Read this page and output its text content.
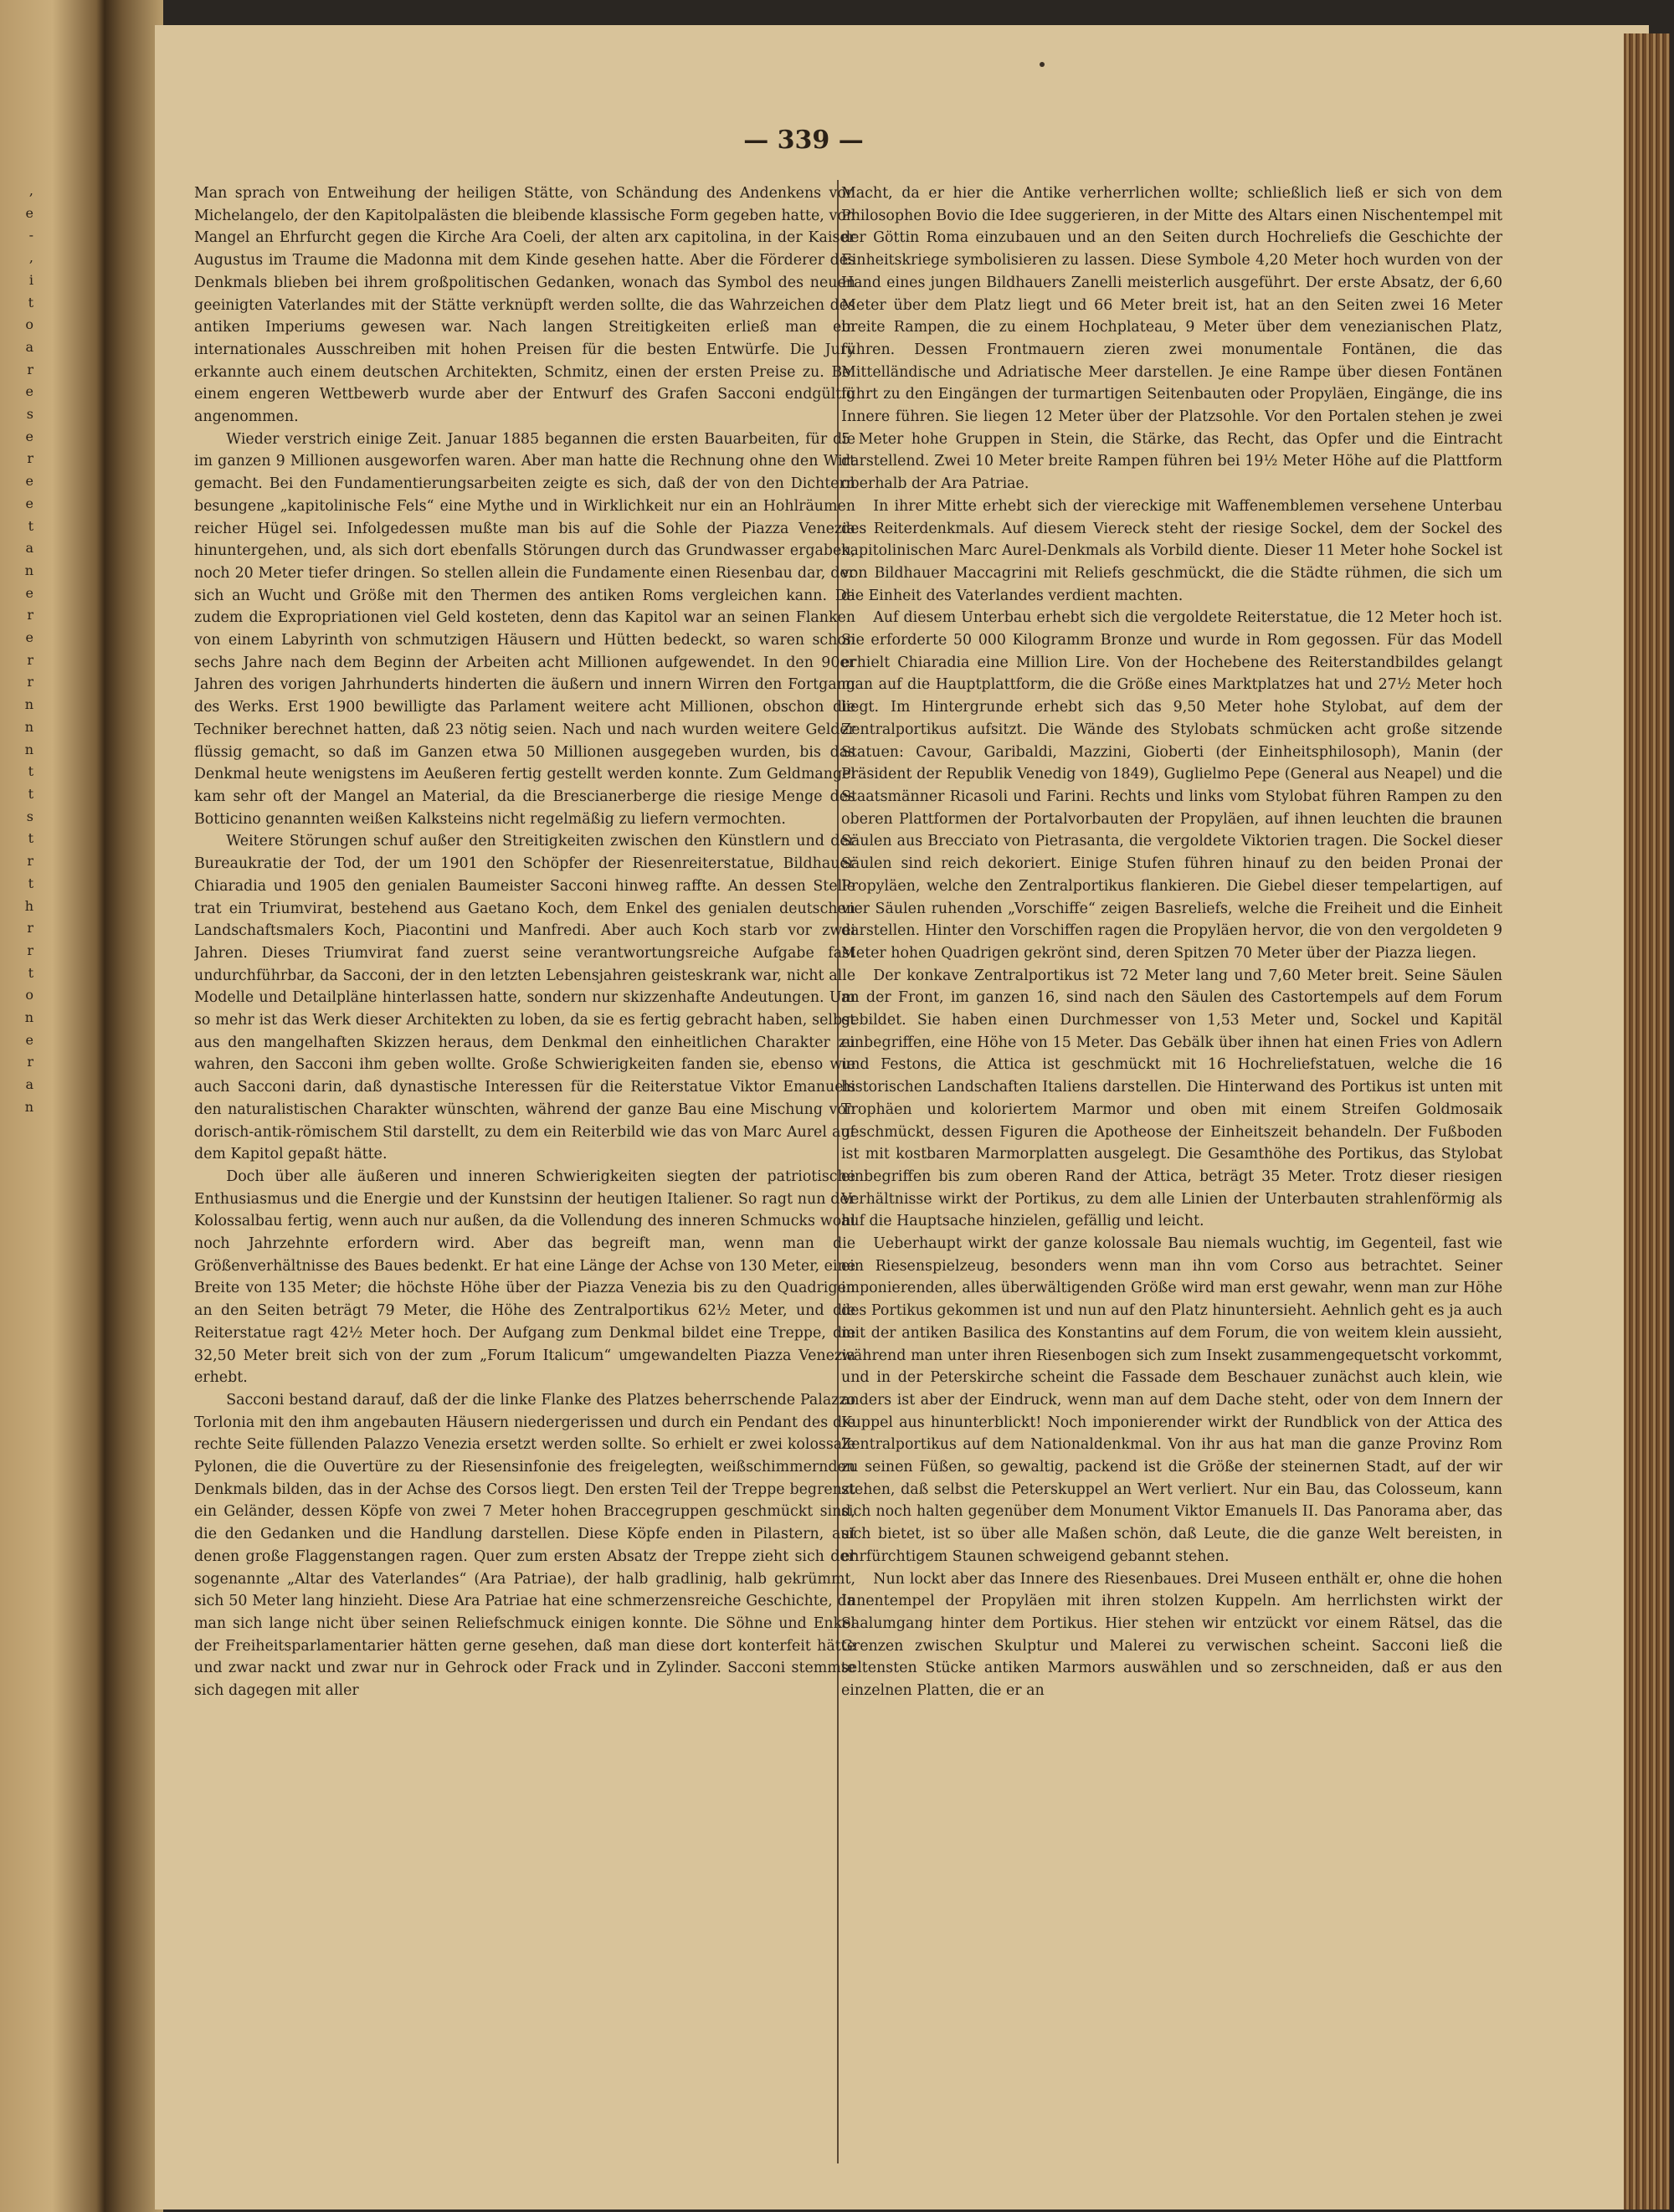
— 339 —

Man sprach von Entweihung der heiligen Stätte, von Schändung des Andenkens von Michelangelo, der den Kapitolpalästen die bleibende klassische Form gegeben hatte, von Mangel an Ehrfurcht gegen die Kirche Ara Coeli, der alten arx capitolina, in der Kaiser Augustus im Traume die Madonna mit dem Kinde gesehen hatte. Aber die Förderer des Denkmals blieben bei ihrem großpolitischen Gedanken, wonach das Symbol des neuen geeinigten Vaterlandes mit der Stätte verknüpft werden sollte, die das Wahrzeichen des antiken Imperiums gewesen war. Nach langen Streitigkeiten erließ man ein internationales Ausschreiben mit hohen Preisen für die besten Entwürfe. Die Jury erkannte auch einem deutschen Architekten, Schmitz, einen der ersten Preise zu. Bei einem engeren Wettbewerb wurde aber der Entwurf des Grafen Sacconi endgültig angenommen.

Wieder verstrich einige Zeit. Januar 1885 begannen die ersten Bauarbeiten, für die im ganzen 9 Millionen ausgeworfen waren. Aber man hatte die Rechnung ohne den Wirt gemacht. Bei den Fundamentierungsarbeiten zeigte es sich, daß der von den Dichtern besungene „kapitolinische Fels“ eine Mythe und in Wirklichkeit nur ein an Hohlräumen reicher Hügel sei. Infolgedessen mußte man bis auf die Sohle der Piazza Venezia hinuntergehen, und, als sich dort ebenfalls Störungen durch das Grundwasser ergaben, noch 20 Meter tiefer dringen. So stellen allein die Fundamente einen Riesenbau dar, der sich an Wucht und Größe mit den Thermen des antiken Roms vergleichen kann. Da zudem die Expropriationen viel Geld kosteten, denn das Kapitol war an seinen Flanken von einem Labyrinth von schmutzigen Häusern und Hütten bedeckt, so waren schon sechs Jahre nach dem Beginn der Arbeiten acht Millionen aufgewendet. In den 90er Jahren des vorigen Jahrhunderts hinderten die äußern und innern Wirren den Fortgang des Werks. Erst 1900 bewilligte das Parlament weitere acht Millionen, obschon die Techniker berechnet hatten, daß 23 nötig seien. Nach und nach wurden weitere Gelder flüssig gemacht, so daß im Ganzen etwa 50 Millionen ausgegeben wurden, bis das Denkmal heute wenigstens im Aeußeren fertig gestellt werden konnte. Zum Geldmangel kam sehr oft der Mangel an Material, da die Brescianerberge die riesige Menge des Botticino genannten weißen Kalksteins nicht regelmäßig zu liefern vermochten.

Weitere Störungen schuf außer den Streitigkeiten zwischen den Künstlern und der Bureaukratie der Tod, der um 1901 den Schöpfer der Riesenreiterstatue, Bildhauer Chiaradia und 1905 den genialen Baumeister Sacconi hinweg raffte. An dessen Stelle trat ein Triumvirat, bestehend aus Gaetano Koch, dem Enkel des genialen deutschen Landschaftsmalers Koch, Piacontini und Manfredi. Aber auch Koch starb vor zwei Jahren. Dieses Triumvirat fand zuerst seine verantwortungsreiche Aufgabe fast undurchführbar, da Sacconi, der in den letzten Lebensjahren geisteskrank war, nicht alle Modelle und Detailpläne hinterlassen hatte, sondern nur skizzenhafte Andeutungen. Um so mehr ist das Werk dieser Architekten zu loben, da sie es fertig gebracht haben, selbst aus den mangelhaften Skizzen heraus, dem Denkmal den einheitlichen Charakter zu wahren, den Sacconi ihm geben wollte. Große Schwierigkeiten fanden sie, ebenso wie auch Sacconi darin, daß dynastische Interessen für die Reiterstatue Viktor Emanuels den naturalistischen Charakter wünschten, während der ganze Bau eine Mischung von dorisch-antik-römischem Stil darstellt, zu dem ein Reiterbild wie das von Marc Aurel auf dem Kapitol gepaßt hätte.

Doch über alle äußeren und inneren Schwierigkeiten siegten der patriotische Enthusiasmus und die Energie und der Kunstsinn der heutigen Italiener. So ragt nun der Kolossalbau fertig, wenn auch nur außen, da die Vollendung des inneren Schmucks wohl noch Jahrzehnte erfordern wird. Aber das begreift man, wenn man die Größenverhältnisse des Baues bedenkt. Er hat eine Länge der Achse von 130 Meter, eine Breite von 135 Meter; die höchste Höhe über der Piazza Venezia bis zu den Quadrigen an den Seiten beträgt 79 Meter, die Höhe des Zentralportikus 62½ Meter, und die Reiterstatue ragt 42½ Meter hoch. Der Aufgang zum Denkmal bildet eine Treppe, die 32,50 Meter breit sich von der zum „Forum Italicum“ umgewandelten Piazza Venezia erhebt.

Sacconi bestand darauf, daß der die linke Flanke des Platzes beherrschende Palazzo Torlonia mit den ihm angebauten Häusern niedergerissen und durch ein Pendant des die rechte Seite füllenden Palazzo Venezia ersetzt werden sollte. So erhielt er zwei kolossale Pylonen, die die Ouvertüre zu der Riesensinfonie des freigelegten, weißschimmernden Denkmals bilden, das in der Achse des Corsos liegt. Den ersten Teil der Treppe begrenzt ein Geländer, dessen Köpfe von zwei 7 Meter hohen Braccegruppen geschmückt sind, die den Gedanken und die Handlung darstellen. Diese Köpfe enden in Pilastern, auf denen große Flaggenstangen ragen. Quer zum ersten Absatz der Treppe zieht sich der sogenannte „Altar des Vaterlandes“ (Ara Patriae), der halb gradlinig, halb gekrümmt, sich 50 Meter lang hinzieht. Diese Ara Patriae hat eine schmerzensreiche Geschichte, da man sich lange nicht über seinen Reliefschmuck einigen konnte. Die Söhne und Enkel der Freiheitsparlamentarier hätten gerne gesehen, daß man diese dort konterfeit hätte und zwar nackt und zwar nur in Gehrock oder Frack und in Zylinder. Sacconi stemmte sich dagegen mit aller

Macht, da er hier die Antike verherrlichen wollte; schließlich ließ er sich von dem Philosophen Bovio die Idee suggerieren, in der Mitte des Altars einen Nischentempel mit der Göttin Roma einzubauen und an den Seiten durch Hochreliefs die Geschichte der Einheitskriege symbolisieren zu lassen. Diese Symbole 4,20 Meter hoch wurden von der Hand eines jungen Bildhauers Zanelli meisterlich ausgeführt. Der erste Absatz, der 6,60 Meter über dem Platz liegt und 66 Meter breit ist, hat an den Seiten zwei 16 Meter breite Rampen, die zu einem Hochplateau, 9 Meter über dem venezianischen Platz, führen. Dessen Frontmauern zieren zwei monumentale Fontänen, die das Mittelländische und Adriatische Meer darstellen. Je eine Rampe über diesen Fontänen führt zu den Eingängen der turmartigen Seitenbauten oder Propyläen, Eingänge, die ins Innere führen. Sie liegen 12 Meter über der Platzsohle. Vor den Portalen stehen je zwei 5 Meter hohe Gruppen in Stein, die Stärke, das Recht, das Opfer und die Eintracht darstellend. Zwei 10 Meter breite Rampen führen bei 19½ Meter Höhe auf die Plattform oberhalb der Ara Patriae.

In ihrer Mitte erhebt sich der viereckige mit Waffenemblemen versehene Unterbau des Reiterdenkmals. Auf diesem Viereck steht der riesige Sockel, dem der Sockel des kapitolinischen Marc Aurel-Denkmals als Vorbild diente. Dieser 11 Meter hohe Sockel ist von Bildhauer Maccagrini mit Reliefs geschmückt, die die Städte rühmen, die sich um die Einheit des Vaterlandes verdient machten.

Auf diesem Unterbau erhebt sich die vergoldete Reiterstatue, die 12 Meter hoch ist. Sie erforderte 50 000 Kilogramm Bronze und wurde in Rom gegossen. Für das Modell erhielt Chiaradia eine Million Lire. Von der Hochebene des Reiterstandbildes gelangt man auf die Hauptplattform, die die Größe eines Marktplatzes hat und 27½ Meter hoch liegt. Im Hintergrunde erhebt sich das 9,50 Meter hohe Stylobat, auf dem der Zentralportikus aufsitzt. Die Wände des Stylobats schmücken acht große sitzende Statuen: Cavour, Garibaldi, Mazzini, Gioberti (der Einheitsphilosoph), Manin (der Präsident der Republik Venedig von 1849), Guglielmo Pepe (General aus Neapel) und die Staatsmänner Ricasoli und Farini. Rechts und links vom Stylobat führen Rampen zu den oberen Plattformen der Portalvorbauten der Propyläen, auf ihnen leuchten die braunen Säulen aus Brecciato von Pietrasanta, die vergoldete Viktorien tragen. Die Sockel dieser Säulen sind reich dekoriert. Einige Stufen führen hinauf zu den beiden Pronai der Propyläen, welche den Zentralportikus flankieren. Die Giebel dieser tempelartigen, auf vier Säulen ruhenden „Vorschiffe“ zeigen Basreliefs, welche die Freiheit und die Einheit darstellen. Hinter den Vorschiffen ragen die Propyläen hervor, die von den vergoldeten 9 Meter hohen Quadrigen gekrönt sind, deren Spitzen 70 Meter über der Piazza liegen.

Der konkave Zentralportikus ist 72 Meter lang und 7,60 Meter breit. Seine Säulen an der Front, im ganzen 16, sind nach den Säulen des Castortempels auf dem Forum gebildet. Sie haben einen Durchmesser von 1,53 Meter und, Sockel und Kapitäl einbegriffen, eine Höhe von 15 Meter. Das Gebälk über ihnen hat einen Fries von Adlern und Festons, die Attica ist geschmückt mit 16 Hochreliefstatuen, welche die 16 historischen Landschaften Italiens darstellen. Die Hinterwand des Portikus ist unten mit Trophäen und koloriertem Marmor und oben mit einem Streifen Goldmosaik geschmückt, dessen Figuren die Apotheose der Einheitszeit behandeln. Der Fußboden ist mit kostbaren Marmorplatten ausgelegt. Die Gesamthöhe des Portikus, das Stylobat einbegriffen bis zum oberen Rand der Attica, beträgt 35 Meter. Trotz dieser riesigen Verhältnisse wirkt der Portikus, zu dem alle Linien der Unterbauten strahlenförmig als auf die Hauptsache hinzielen, gefällig und leicht.

Ueberhaupt wirkt der ganze kolossale Bau niemals wuchtig, im Gegenteil, fast wie ein Riesenspielzeug, besonders wenn man ihn vom Corso aus betrachtet. Seiner imponierenden, alles überwältigenden Größe wird man erst gewahr, wenn man zur Höhe des Portikus gekommen ist und nun auf den Platz hinuntersieht. Aehnlich geht es ja auch mit der antiken Basilica des Konstantins auf dem Forum, die von weitem klein aussieht, während man unter ihren Riesenbogen sich zum Insekt zusammengequetscht vorkommt, und in der Peterskirche scheint die Fassade dem Beschauer zunächst auch klein, wie anders ist aber der Eindruck, wenn man auf dem Dache steht, oder von dem Innern der Kuppel aus hinunterblickt! Noch imponierender wirkt der Rundblick von der Attica des Zentralportikus auf dem Nationaldenkmal. Von ihr aus hat man die ganze Provinz Rom zu seinen Füßen, so gewaltig, packend ist die Größe der steinernen Stadt, auf der wir stehen, daß selbst die Peterskuppel an Wert verliert. Nur ein Bau, das Colosseum, kann sich noch halten gegenüber dem Monument Viktor Emanuels II. Das Panorama aber, das sich bietet, ist so über alle Maßen schön, daß Leute, die die ganze Welt bereisten, in ehrfürchtigem Staunen schweigend gebannt stehen.

Nun lockt aber das Innere des Riesenbaues. Drei Museen enthält er, ohne die hohen Innentempel der Propyläen mit ihren stolzen Kuppeln. Am herrlichsten wirkt der Saalumgang hinter dem Portikus. Hier stehen wir entzückt vor einem Rätsel, das die Grenzen zwischen Skulptur und Malerei zu verwischen scheint. Sacconi ließ die seltensten Stücke antiken Marmors auswählen und so zerschneiden, daß er aus den einzelnen Platten, die er an

,
e
-
,
i
t
o
a
r
e
s
e
r
e
e
t
a
n
e
r
e
r
r
n
n
n
t
t
s
t
r
t
h
r
r
t
o
n
e
r
a
n
